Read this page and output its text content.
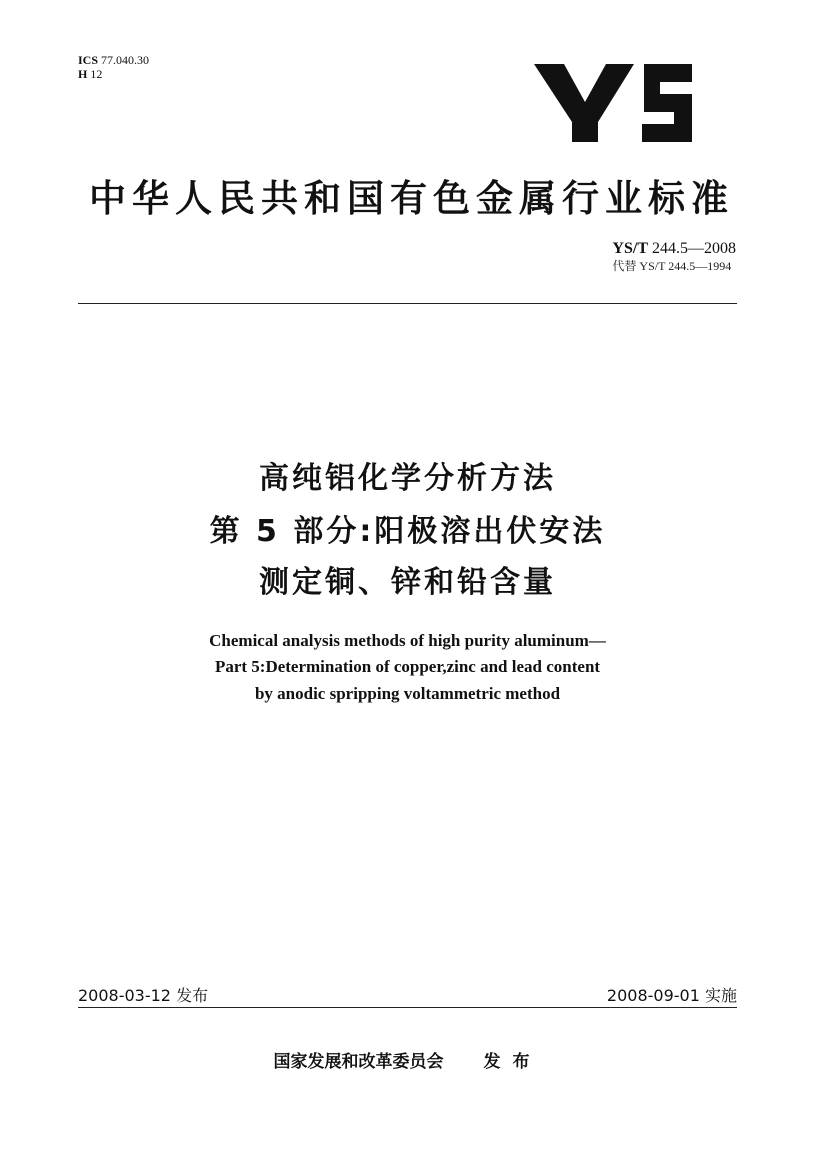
ICS 77.040.30
H 12
中华人民共和国有色金属行业标准
YS/T 244.5—2008
代替 YS/T 244.5—1994
高纯铝化学分析方法
第 5 部分:阳极溶出伏安法
测定铜、锌和铅含量
Chemical analysis methods of high purity aluminum—
Part 5:Determination of copper,zinc and lead content
by anodic spripping voltammetric method
2008-03-12 发布	2008-09-01 实施
国家发展和改革委员会 发布
